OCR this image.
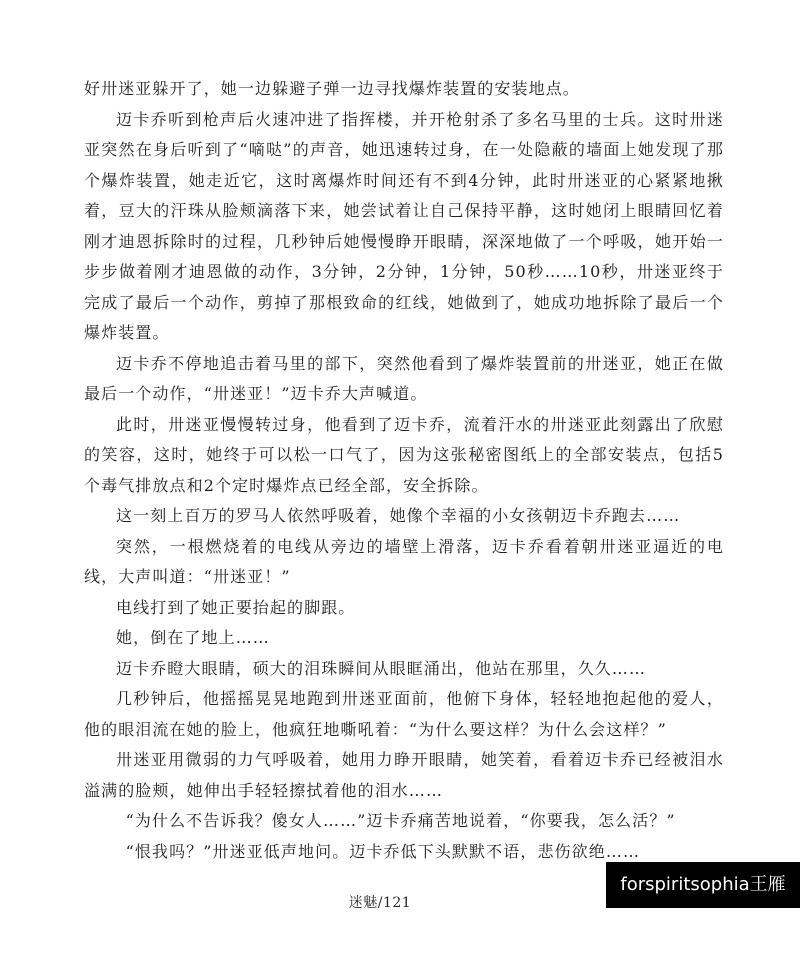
好卅迷亚躲开了，她一边躲避子弹一边寻找爆炸装置的安装地点。

迈卡乔听到枪声后火速冲进了指挥楼，并开枪射杀了多名马里的士兵。这时卅迷亚突然在身后听到了“嘀哒”的声音，她迅速转过身，在一处隐蔽的墙面上她发现了那个爆炸装置，她走近它，这时离爆炸时间还有不到4分钟，此时卅迷亚的心紧紧地揪着，豆大的汗珠从脸颊滴落下来，她尝试着让自己保持平静，这时她闭上眼睛回忆着刚才迪恩拆除时的过程，几秒钟后她慢慢睁开眼睛，深深地做了一个呼吸，她开始一步步做着刚才迪恩做的动作，3分钟，2分钟，1分钟，50秒……10秒，卅迷亚终于完成了最后一个动作，剪掉了那根致命的红线，她做到了，她成功地拆除了最后一个爆炸装置。

迈卡乔不停地追击着马里的部下，突然他看到了爆炸装置前的卅迷亚，她正在做最后一个动作，“卅迷亚！”迈卡乔大声喊道。

此时，卅迷亚慢慢转过身，他看到了迈卡乔，流着汗水的卅迷亚此刻露出了欣慰的笑容，这时，她终于可以松一口气了，因为这张秘密图纸上的全部安装点，包括5个毒气排放点和2个定时爆炸点已经全部，安全拆除。

这一刻上百万的罗马人依然呼吸着，她像个幸福的小女孩朝迈卡乔跑去……

突然，一根燃烧着的电线从旁边的墙壁上滑落，迈卡乔看着朝卅迷亚逼近的电线，大声叫道：“卅迷亚！”

电线打到了她正要抬起的脚跟。

她，倒在了地上……

迈卡乔瞪大眼睛，硕大的泪珠瞬间从眼眶涌出，他站在那里，久久……

几秒钟后，他摇摇晃晃地跑到卅迷亚面前，他俯下身体，轻轻地抱起他的爱人，他的眼泪流在她的脸上，他疯狂地嘶吼着：“为什么要这样？为什么会这样？”

卅迷亚用微弱的力气呼吸着，她用力睁开眼睛，她笑着，看着迈卡乔已经被泪水溢满的脸颊，她伸出手轻轻擦拭着他的泪水……

“为什么不告诉我？傻女人……”迈卡乔痛苦地说着，“你要我，怎么活？”

“恨我吗？”卅迷亚低声地问。迈卡乔低下头默默不语，悲伤欲绝……

迷魅/121
forspiritsophia王雁
